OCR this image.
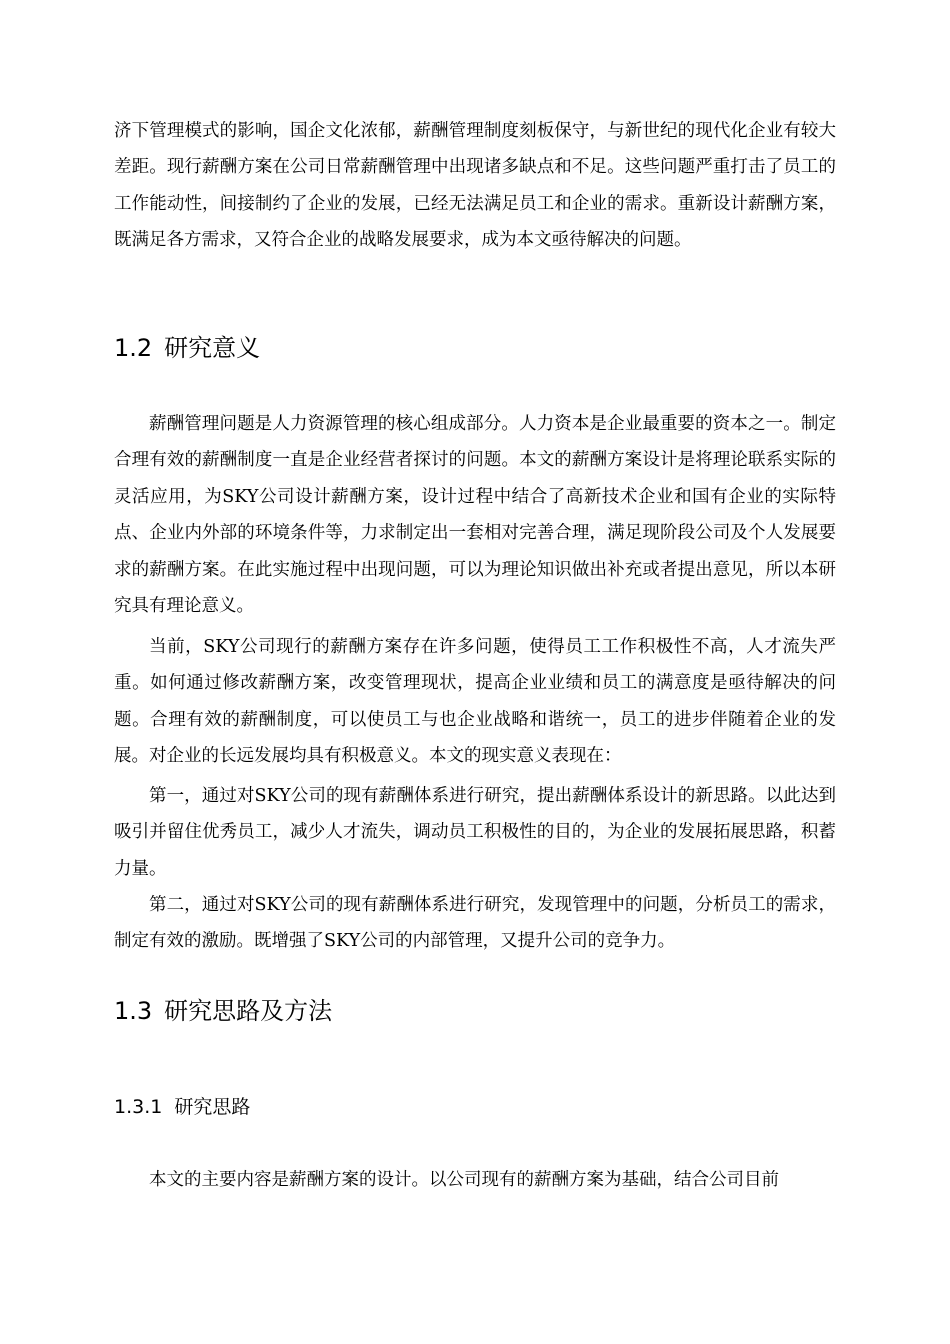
济下管理模式的影响，国企文化浓郁，薪酬管理制度刻板保守，与新世纪的现代化企业有较大差距。现行薪酬方案在公司日常薪酬管理中出现诸多缺点和不足。这些问题严重打击了员工的工作能动性，间接制约了企业的发展，已经无法满足员工和企业的需求。重新设计薪酬方案，既满足各方需求，又符合企业的战略发展要求，成为本文亟待解决的问题。

1.2 研究意义

薪酬管理问题是人力资源管理的核心组成部分。人力资本是企业最重要的资本之一。制定合理有效的薪酬制度一直是企业经营者探讨的问题。本文的薪酬方案设计是将理论联系实际的灵活应用，为SKY公司设计薪酬方案，设计过程中结合了高新技术企业和国有企业的实际特点、企业内外部的环境条件等，力求制定出一套相对完善合理，满足现阶段公司及个人发展要求的薪酬方案。在此实施过程中出现问题，可以为理论知识做出补充或者提出意见，所以本研究具有理论意义。

当前，SKY公司现行的薪酬方案存在许多问题，使得员工工作积极性不高，人才流失严重。如何通过修改薪酬方案，改变管理现状，提高企业业绩和员工的满意度是亟待解决的问题。合理有效的薪酬制度，可以使员工与也企业战略和谐统一，员工的进步伴随着企业的发展。对企业的长远发展均具有积极意义。本文的现实意义表现在：

第一，通过对SKY公司的现有薪酬体系进行研究，提出薪酬体系设计的新思路。以此达到吸引并留住优秀员工，减少人才流失，调动员工积极性的目的，为企业的发展拓展思路，积蓄力量。

第二，通过对SKY公司的现有薪酬体系进行研究，发现管理中的问题，分析员工的需求，制定有效的激励。既增强了SKY公司的内部管理，又提升公司的竞争力。

1.3 研究思路及方法
1.3.1 研究思路

本文的主要内容是薪酬方案的设计。以公司现有的薪酬方案为基础，结合公司目前
